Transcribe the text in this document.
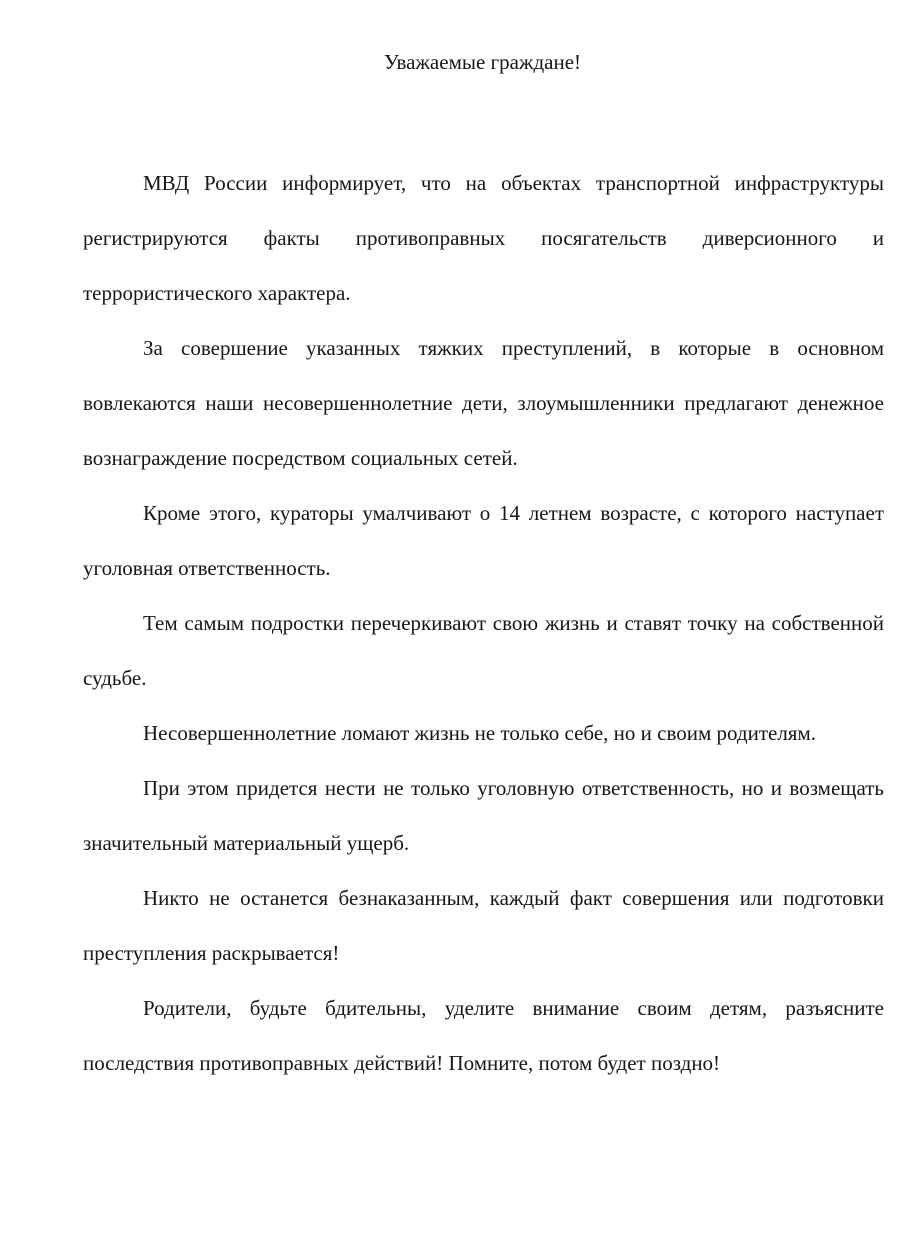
Уважаемые граждане!

МВД России информирует, что на объектах транспортной инфраструктуры регистрируются факты противоправных посягательств диверсионного и террористического характера.

За совершение указанных тяжких преступлений, в которые в основном вовлекаются наши несовершеннолетние дети, злоумышленники предлагают денежное вознаграждение посредством социальных сетей.

Кроме этого, кураторы умалчивают о 14 летнем возрасте, с которого наступает уголовная ответственность.

Тем самым подростки перечеркивают свою жизнь и ставят точку на собственной судьбе.

Несовершеннолетние ломают жизнь не только себе, но и своим родителям.

При этом придется нести не только уголовную ответственность, но и возмещать значительный материальный ущерб.

Никто не останется безнаказанным, каждый факт совершения или подготовки преступления раскрывается!

Родители, будьте бдительны, уделите внимание своим детям, разъясните последствия противоправных действий! Помните, потом будет поздно!
